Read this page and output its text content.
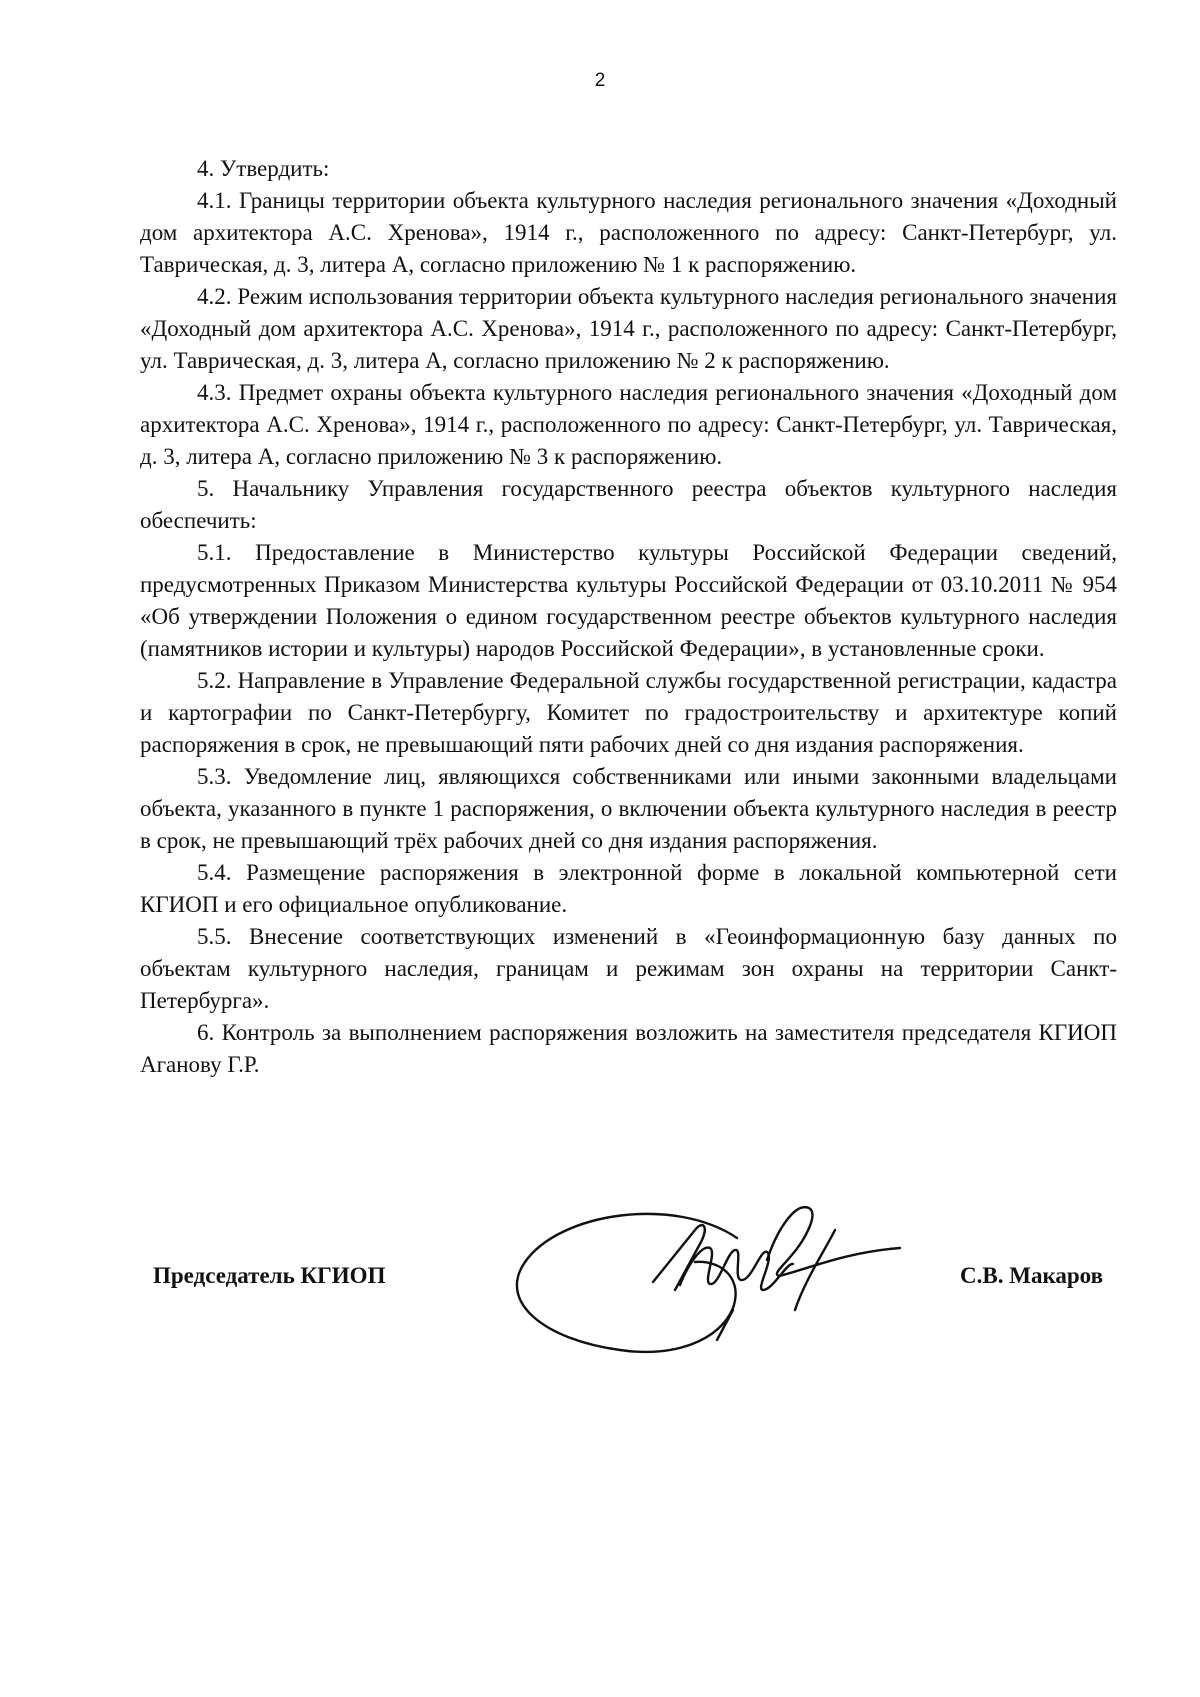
2

4. Утвердить:

4.1. Границы территории объекта культурного наследия регионального значения «Доходный дом архитектора А.С. Хренова», 1914 г., расположенного по адресу: Санкт-Петербург, ул. Таврическая, д. 3, литера А, согласно приложению № 1 к распоряжению.

4.2. Режим использования территории объекта культурного наследия регионального значения «Доходный дом архитектора А.С. Хренова», 1914 г., расположенного по адресу: Санкт-Петербург, ул. Таврическая, д. 3, литера А, согласно приложению № 2 к распоряжению.

4.3. Предмет охраны объекта культурного наследия регионального значения «Доходный дом архитектора А.С. Хренова», 1914 г., расположенного по адресу: Санкт-Петербург, ул. Таврическая, д. 3, литера А, согласно приложению № 3 к распоряжению.

5. Начальнику Управления государственного реестра объектов культурного наследия обеспечить:

5.1. Предоставление в Министерство культуры Российской Федерации сведений, предусмотренных Приказом Министерства культуры Российской Федерации от 03.10.2011 № 954 «Об утверждении Положения о едином государственном реестре объектов культурного наследия (памятников истории и культуры) народов Российской Федерации», в установленные сроки.

5.2. Направление в Управление Федеральной службы государственной регистрации, кадастра и картографии по Санкт-Петербургу, Комитет по градостроительству и архитектуре копий распоряжения в срок, не превышающий пяти рабочих дней со дня издания распоряжения.

5.3. Уведомление лиц, являющихся собственниками или иными законными владельцами объекта, указанного в пункте 1 распоряжения, о включении объекта культурного наследия в реестр в срок, не превышающий трёх рабочих дней со дня издания распоряжения.

5.4. Размещение распоряжения в электронной форме в локальной компьютерной сети КГИОП и его официальное опубликование.

5.5. Внесение соответствующих изменений в «Геоинформационную базу данных по объектам культурного наследия, границам и режимам зон охраны на территории Санкт-Петербурга».

6. Контроль за выполнением распоряжения возложить на заместителя председателя КГИОП Аганову Г.Р.

Председатель КГИОП	С.В. Макаров
